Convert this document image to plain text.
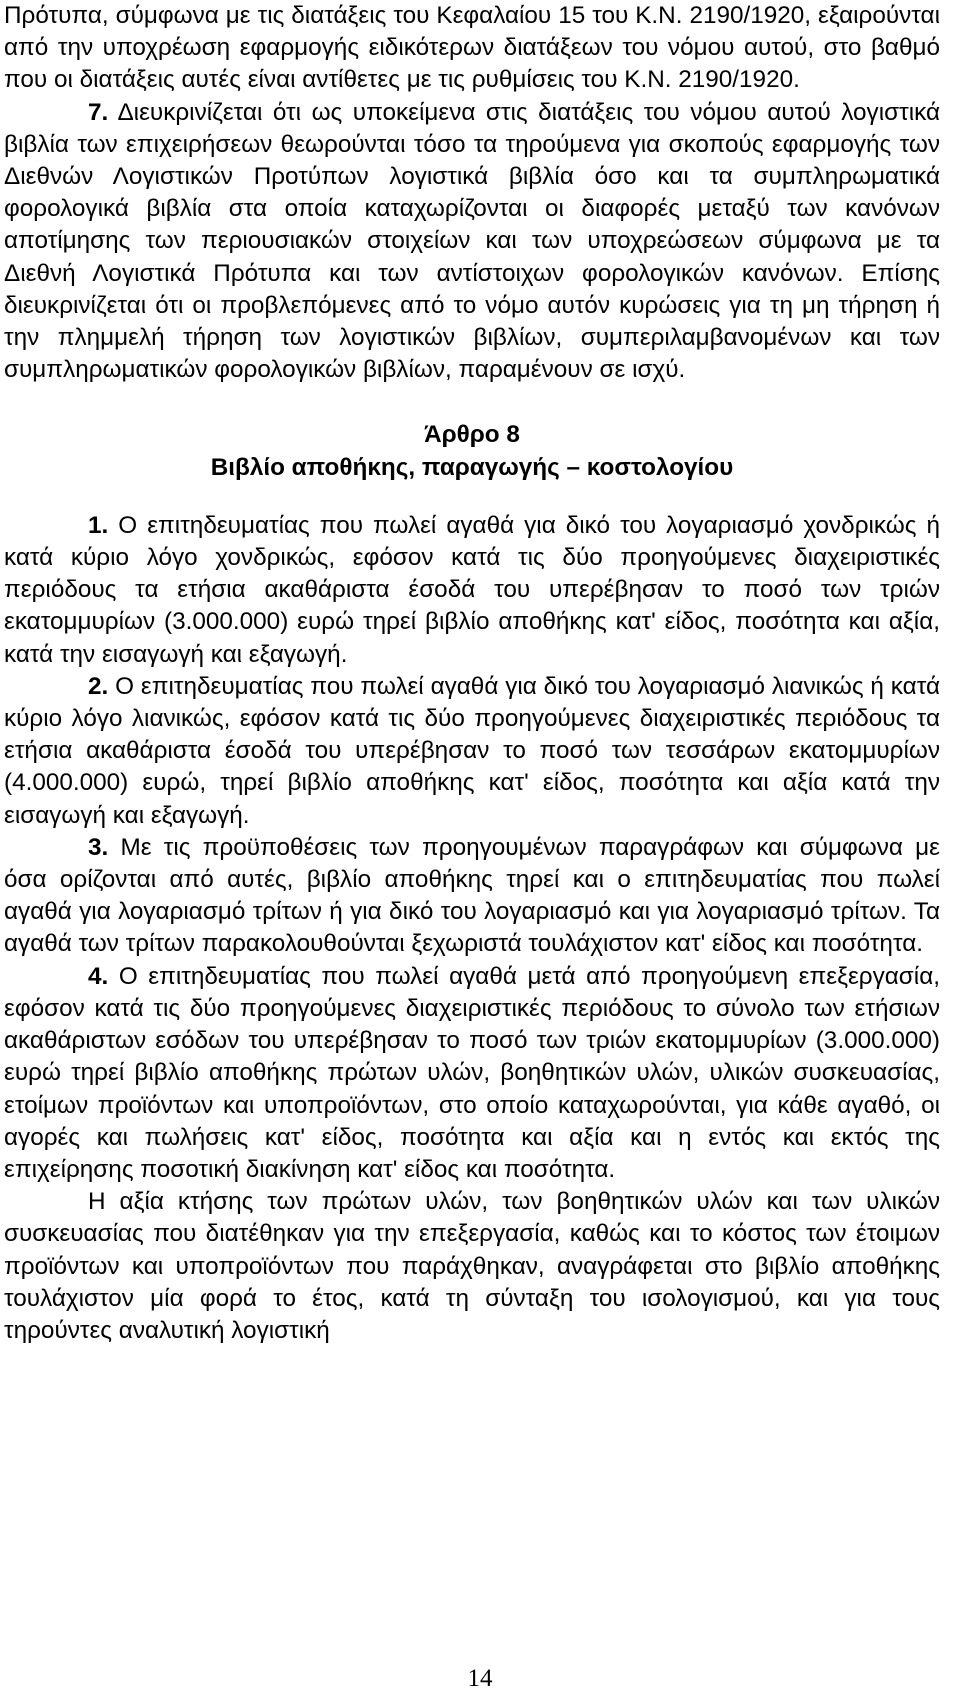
Πρότυπα, σύμφωνα με τις διατάξεις του Κεφαλαίου 15 του Κ.Ν. 2190/1920, εξαιρούνται από την υποχρέωση εφαρμογής ειδικότερων διατάξεων του νόμου αυτού, στο βαθμό που οι διατάξεις αυτές είναι αντίθετες με τις ρυθμίσεις του Κ.Ν. 2190/1920.

7. Διευκρινίζεται ότι ως υποκείμενα στις διατάξεις του νόμου αυτού λογιστικά βιβλία των επιχειρήσεων θεωρούνται τόσο τα τηρούμενα για σκοπούς εφαρμογής των Διεθνών Λογιστικών Προτύπων λογιστικά βιβλία όσο και τα συμπληρωματικά φορολογικά βιβλία στα οποία καταχωρίζονται οι διαφορές μεταξύ των κανόνων αποτίμησης των περιουσιακών στοιχείων και των υποχρεώσεων σύμφωνα με τα Διεθνή Λογιστικά Πρότυπα και των αντίστοιχων φορολογικών κανόνων. Επίσης διευκρινίζεται ότι οι προβλεπόμενες από το νόμο αυτόν κυρώσεις για τη μη τήρηση ή την πλημμελή τήρηση των λογιστικών βιβλίων, συμπεριλαμβανομένων και των συμπληρωματικών φορολογικών βιβλίων, παραμένουν σε ισχύ.

Άρθρο 8

Βιβλίο αποθήκης, παραγωγής – κοστολογίου

1. Ο επιτηδευματίας που πωλεί αγαθά για δικό του λογαριασμό χονδρικώς ή κατά κύριο λόγο χονδρικώς, εφόσον κατά τις δύο προηγούμενες διαχειριστικές περιόδους τα ετήσια ακαθάριστα έσοδά του υπερέβησαν το ποσό των τριών εκατομμυρίων (3.000.000) ευρώ τηρεί βιβλίο αποθήκης κατ' είδος, ποσότητα και αξία, κατά την εισαγωγή και εξαγωγή.

2. Ο επιτηδευματίας που πωλεί αγαθά για δικό του λογαριασμό λιανικώς ή κατά κύριο λόγο λιανικώς, εφόσον κατά τις δύο προηγούμενες διαχειριστικές περιόδους τα ετήσια ακαθάριστα έσοδά του υπερέβησαν το ποσό των τεσσάρων εκατομμυρίων (4.000.000) ευρώ, τηρεί βιβλίο αποθήκης κατ' είδος, ποσότητα και αξία κατά την εισαγωγή και εξαγωγή.

3. Με τις προϋποθέσεις των προηγουμένων παραγράφων και σύμφωνα με όσα ορίζονται από αυτές, βιβλίο αποθήκης τηρεί και ο επιτηδευματίας που πωλεί αγαθά για λογαριασμό τρίτων ή για δικό του λογαριασμό και για λογαριασμό τρίτων. Τα αγαθά των τρίτων παρακολουθούνται ξεχωριστά τουλάχιστον κατ' είδος και ποσότητα.

4. Ο επιτηδευματίας που πωλεί αγαθά μετά από προηγούμενη επεξεργασία, εφόσον κατά τις δύο προηγούμενες διαχειριστικές περιόδους το σύνολο των ετήσιων ακαθάριστων εσόδων του υπερέβησαν το ποσό των τριών εκατομμυρίων (3.000.000) ευρώ τηρεί βιβλίο αποθήκης πρώτων υλών, βοηθητικών υλών, υλικών συσκευασίας, ετοίμων προϊόντων και υποπροϊόντων, στο οποίο καταχωρούνται, για κάθε αγαθό, οι αγορές και πωλήσεις κατ' είδος, ποσότητα και αξία και η εντός και εκτός της επιχείρησης ποσοτική διακίνηση κατ' είδος και ποσότητα.

Η αξία κτήσης των πρώτων υλών, των βοηθητικών υλών και των υλικών συσκευασίας που διατέθηκαν για την επεξεργασία, καθώς και το κόστος των έτοιμων προϊόντων και υποπροϊόντων που παράχθηκαν, αναγράφεται στο βιβλίο αποθήκης τουλάχιστον μία φορά το έτος, κατά τη σύνταξη του ισολογισμού, και για τους τηρούντες αναλυτική λογιστική

14
